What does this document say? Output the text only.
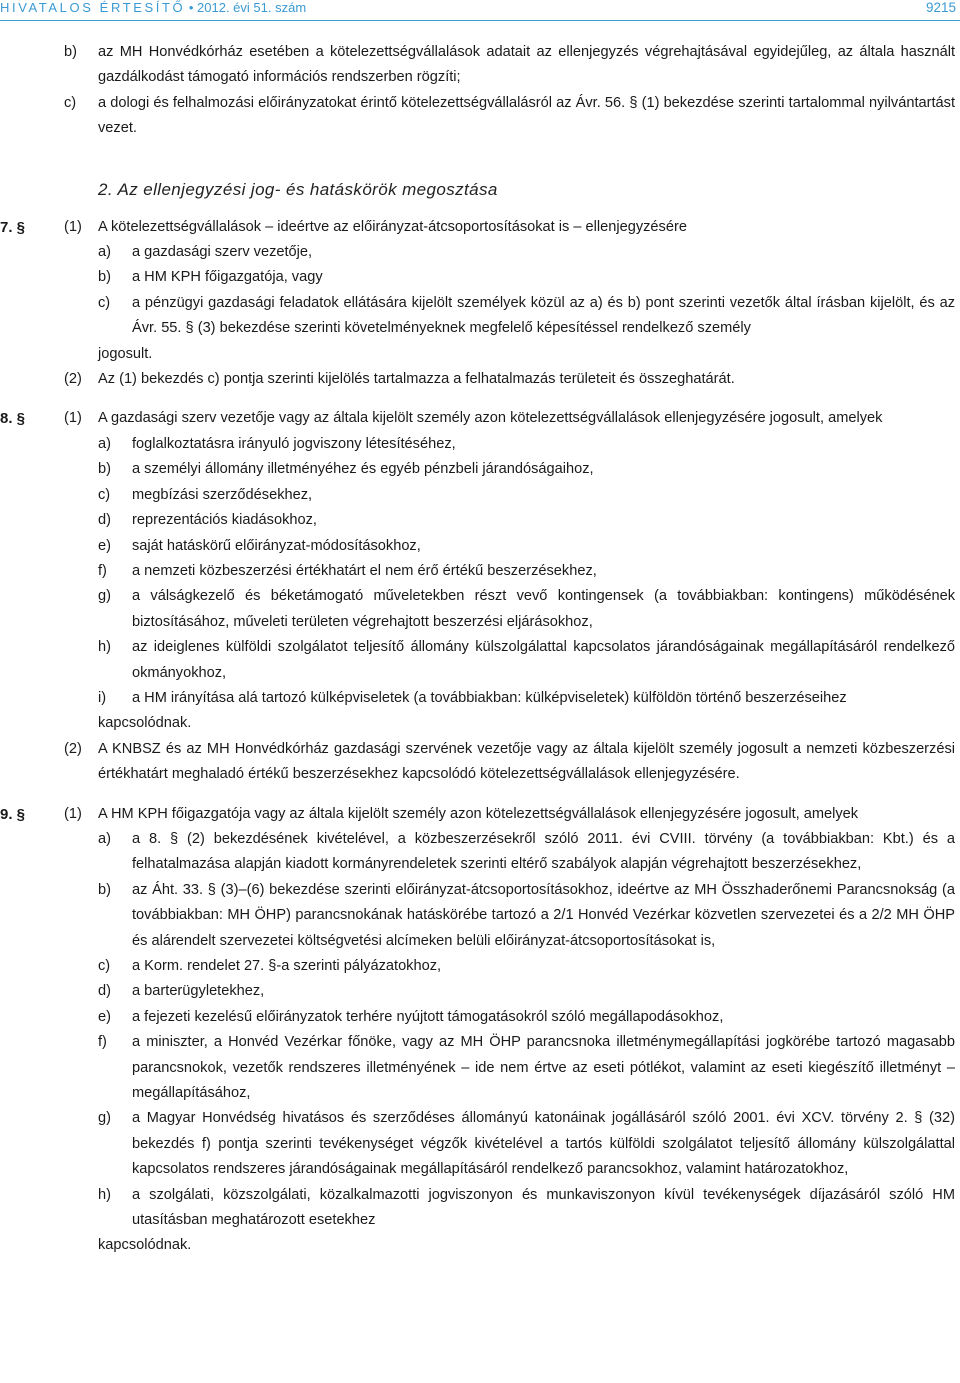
HIVATALOS ÉRTESÍTŐ • 2012. évi 51. szám	9215
b) az MH Honvédkórház esetében a kötelezettségvállalások adatait az ellenjegyzés végrehajtásával egyidejűleg, az általa használt gazdálkodást támogató információs rendszerben rögzíti;
c) a dologi és felhalmozási előirányzatokat érintő kötelezettségvállalásról az Ávr. 56. § (1) bekezdése szerinti tartalommal nyilvántartást vezet.
2. Az ellenjegyzési jog- és hatáskörök megosztása
7. §	(1) A kötelezettségvállalások – ideértve az előirányzat-átcsoportosításokat is – ellenjegyzésére
a) a gazdasági szerv vezetője,
b) a HM KPH főigazgatója, vagy
c) a pénzügyi gazdasági feladatok ellátására kijelölt személyek közül az a) és b) pont szerinti vezetők által írásban kijelölt, és az Ávr. 55. § (3) bekezdése szerinti követelményeknek megfelelő képesítéssel rendelkező személy
jogosult.
(2) Az (1) bekezdés c) pontja szerinti kijelölés tartalmazza a felhatalmazás területeit és összeghatárát.
8. §	(1) A gazdasági szerv vezetője vagy az általa kijelölt személy azon kötelezettségvállalások ellenjegyzésére jogosult, amelyek
a) foglalkoztatásra irányuló jogviszony létesítéséhez,
b) a személyi állomány illetményéhez és egyéb pénzbeli járandóságaihoz,
c) megbízási szerződésekhez,
d) reprezentációs kiadásokhoz,
e) saját hatáskörű előirányzat-módosításokhoz,
f) a nemzeti közbeszerzési értékhatárt el nem érő értékű beszerzésekhez,
g) a válságkezelő és béketámogató műveletekben részt vevő kontingensek (a továbbiakban: kontingens) működésének biztosításához, műveleti területen végrehajtott beszerzési eljárásokhoz,
h) az ideiglenes külföldi szolgálatot teljesítő állomány külszolgálattal kapcsolatos járandóságainak megállapításáról rendelkező okmányokhoz,
i) a HM irányítása alá tartozó külképviseletek (a továbbiakban: külképviseletek) külföldön történő beszerzéseihez
kapcsolódnak.
(2) A KNBSZ és az MH Honvédkórház gazdasági szervének vezetője vagy az általa kijelölt személy jogosult a nemzeti közbeszerzési értékhatárt meghaladó értékű beszerzésekhez kapcsolódó kötelezettségvállalások ellenjegyzésére.
9. §	(1) A HM KPH főigazgatója vagy az általa kijelölt személy azon kötelezettségvállalások ellenjegyzésére jogosult, amelyek
a) a 8. § (2) bekezdésének kivételével, a közbeszerzésekről szóló 2011. évi CVIII. törvény (a továbbiakban: Kbt.) és a felhatalmazása alapján kiadott kormányrendeletek szerinti eltérő szabályok alapján végrehajtott beszerzésekhez,
b) az Áht. 33. § (3)–(6) bekezdése szerinti előirányzat-átcsoportosításokhoz, ideértve az MH Összhaderőnemi Parancsnokság (a továbbiakban: MH ÖHP) parancsnokának hatáskörébe tartozó a 2/1 Honvéd Vezérkar közvetlen szervezetei és a 2/2 MH ÖHP és alárendelt szervezetei költségvetési alcímeken belüli előirányzat-átcsoportosításokat is,
c) a Korm. rendelet 27. §-a szerinti pályázatokhoz,
d) a barterügyletekhez,
e) a fejezeti kezelésű előirányzatok terhére nyújtott támogatásokról szóló megállapodásokhoz,
f) a miniszter, a Honvéd Vezérkar főnöke, vagy az MH ÖHP parancsnoka illetménymegállapítási jogkörébe tartozó magasabb parancsnokok, vezetők rendszeres illetményének – ide nem értve az eseti pótlékot, valamint az eseti kiegészítő illetményt – megállapításához,
g) a Magyar Honvédség hivatásos és szerződéses állományú katonáinak jogállásáról szóló 2001. évi XCV. törvény 2. § (32) bekezdés f) pontja szerinti tevékenységet végzők kivételével a tartós külföldi szolgálatot teljesítő állomány külszolgálattal kapcsolatos rendszeres járandóságainak megállapításáról rendelkező parancsokhoz, valamint határozatokhoz,
h) a szolgálati, közszolgálati, közalkalmazotti jogviszonyon és munkaviszonyon kívül tevékenységek díjazásáról szóló HM utasításban meghatározott esetekhez
kapcsolódnak.
